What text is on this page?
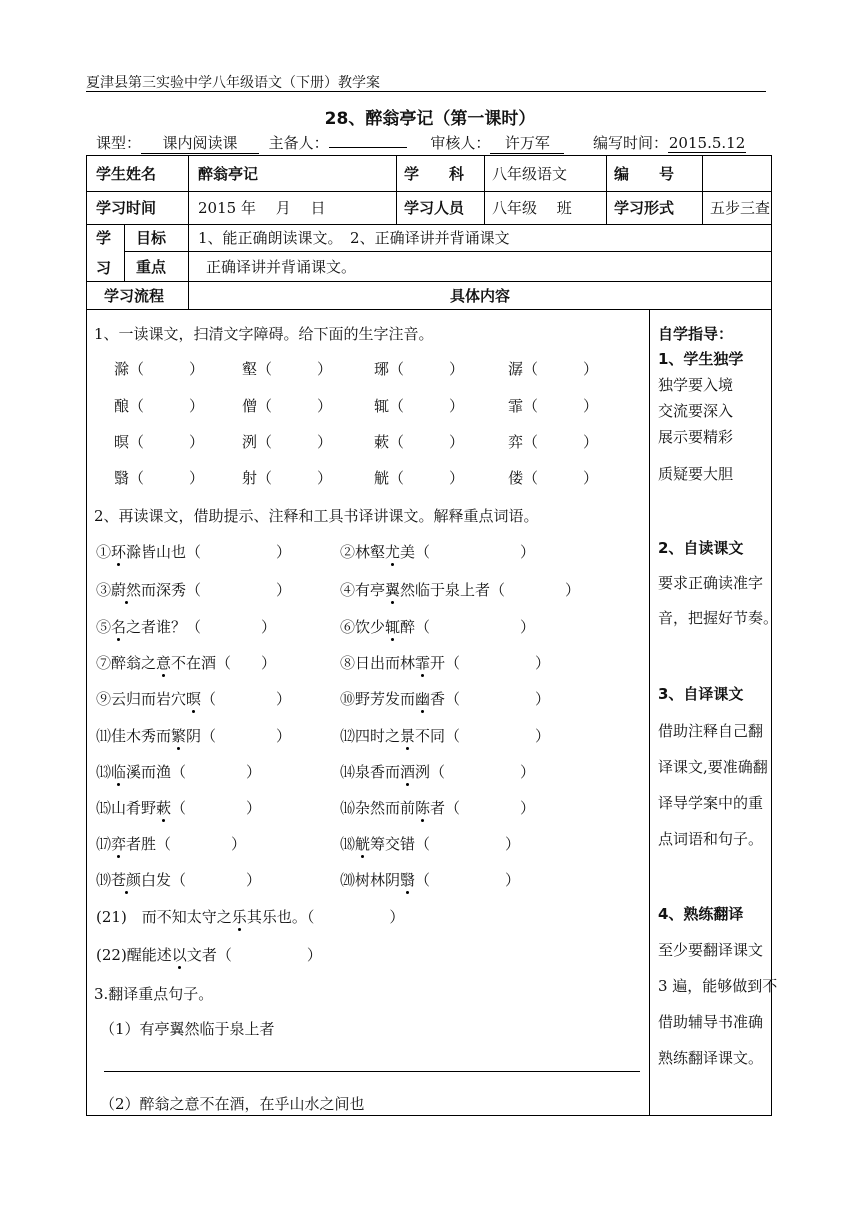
夏津县第三实验中学八年级语文（下册）教学案
28、醉翁亭记（第一课时）
课型： 课内阅读课 主备人：	审核人： 许万军	编写时间：2015.5.12
学生姓名	醉翁亭记	学　　科 八年级语文	编　　号
学习时间	2015 年　 月　 日	学习人员 八年级　 班	学习形式 五步三查
学
习
目标 1、能正确朗读课文。　2、正确译讲并背诵课文
重点	正确译讲并背诵课文。
学习流程	具体内容
1、一读课文，扫清文字障碍。给下面的生字注音。
滁（　　　）	壑（　　　）	琊（　　　）	潺（　　　）
酿（　　　）	僧（　　　）	辄（　　　）	霏（　　　）
暝（　　　）	洌（　　　）	蔌（　　　）	弈（　　　）
翳（　　　）	射（　　　）	觥（　　　）	偻（　　　）
2、再读课文，借助提示、注释和工具书译讲课文。解释重点词语。
①环滁皆山也（　　　　　）	②林壑尤美（　　　　　　）
③蔚然而深秀（　　　　　）	④有亭翼然临于泉上者（　　　　）
⑤名之者谁？（　　　　）	⑥饮少辄醉（　　　　　　）
⑦醉翁之意不在酒（　　）	⑧日出而林霏开（　　　　　）
⑨云归而岩穴暝（　　　　）	⑩野芳发而幽香（　　　　　）
⑾佳木秀而繁阴（　　　　）	⑿四时之景不同（　　　　　）
⒀临溪而渔（　　　　）	⒁泉香而酒洌（　　　　　）
⒂山肴野蔌（　　　　）	⒃杂然而前陈者（　　　　）
⒄弈者胜（　　　　）	⒅觥筹交错（　　　　　）
⒆苍颜白发（　　　　）	⒇树林阴翳（　　　　　）
(21)　而不知太守之乐其乐也。（　　　　　）
(22)醒能述以文者（　　　　　）
3.翻译重点句子。
（1）有亭翼然临于泉上者
（2）醉翁之意不在酒，在乎山水之间也
自学指导：
1、学生独学
独学要入境
交流要深入
展示要精彩
质疑要大胆
2、自读课文
要求正确读准字
音，把握好节奏。
3、自译课文
借助注释自己翻
译课文,要准确翻
译导学案中的重
点词语和句子。
4、熟练翻译
至少要翻译课文
3 遍，能够做到不
借助辅导书准确
熟练翻译课文。
